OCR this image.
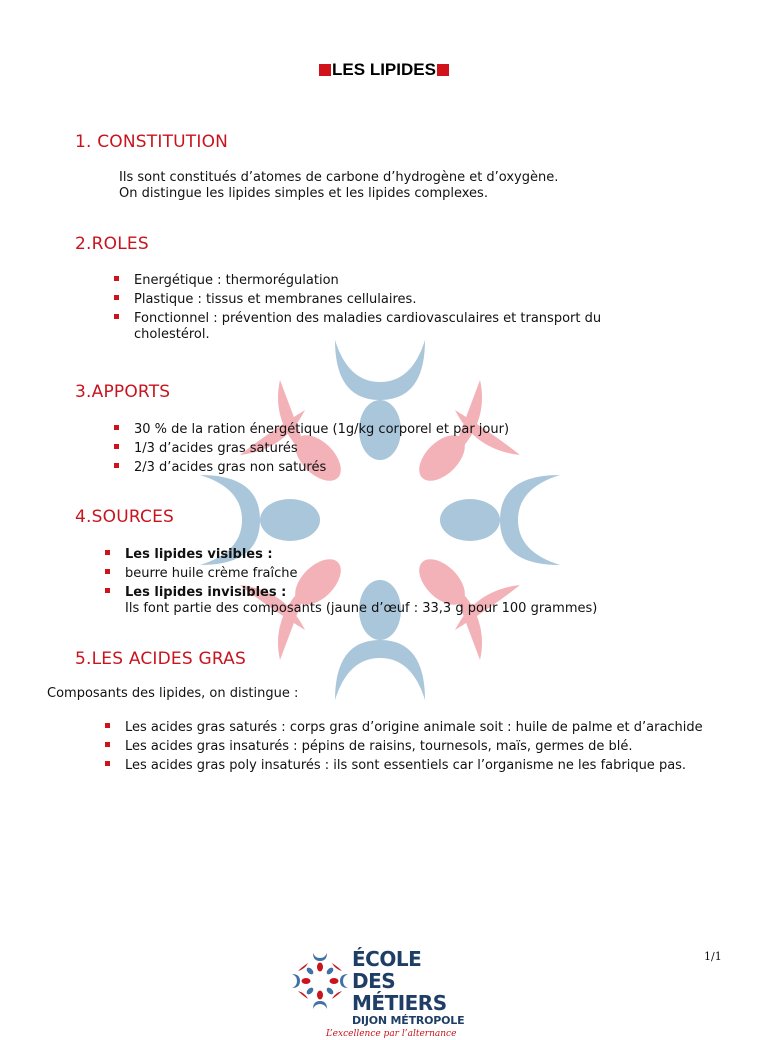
LES LIPIDES
1. CONSTITUTION

Ils sont constitués d’atomes de carbone d’hydrogène et d’oxygène.
On distingue les lipides simples et les lipides complexes.

2.ROLES
Energétique : thermorégulation
Plastique : tissus et membranes cellulaires.
Fonctionnel : prévention des maladies cardiovasculaires et transport du cholestérol.
3.APPORTS
30 % de la ration énergétique (1g/kg corporel et par jour)
1/3 d’acides gras saturés
2/3 d’acides gras non saturés
4.SOURCES
Les lipides visibles :
beurre huile crème fraîche
Les lipides invisibles :
Ils font partie des composants (jaune d’œuf : 33,3 g pour 100 grammes)
5.LES ACIDES GRAS

Composants des lipides, on distingue :

Les acides gras saturés : corps gras d’origine animale soit : huile de palme et d’arachide
Les acides gras insaturés : pépins de raisins, tournesols, maïs, germes de blé.
Les acides gras poly insaturés : ils sont essentiels car l’organisme ne les fabrique pas.
1/1
ÉCOLE
DES MÉTIERS
DIJON MÉTROPOLE
L’excellence par l’alternance
